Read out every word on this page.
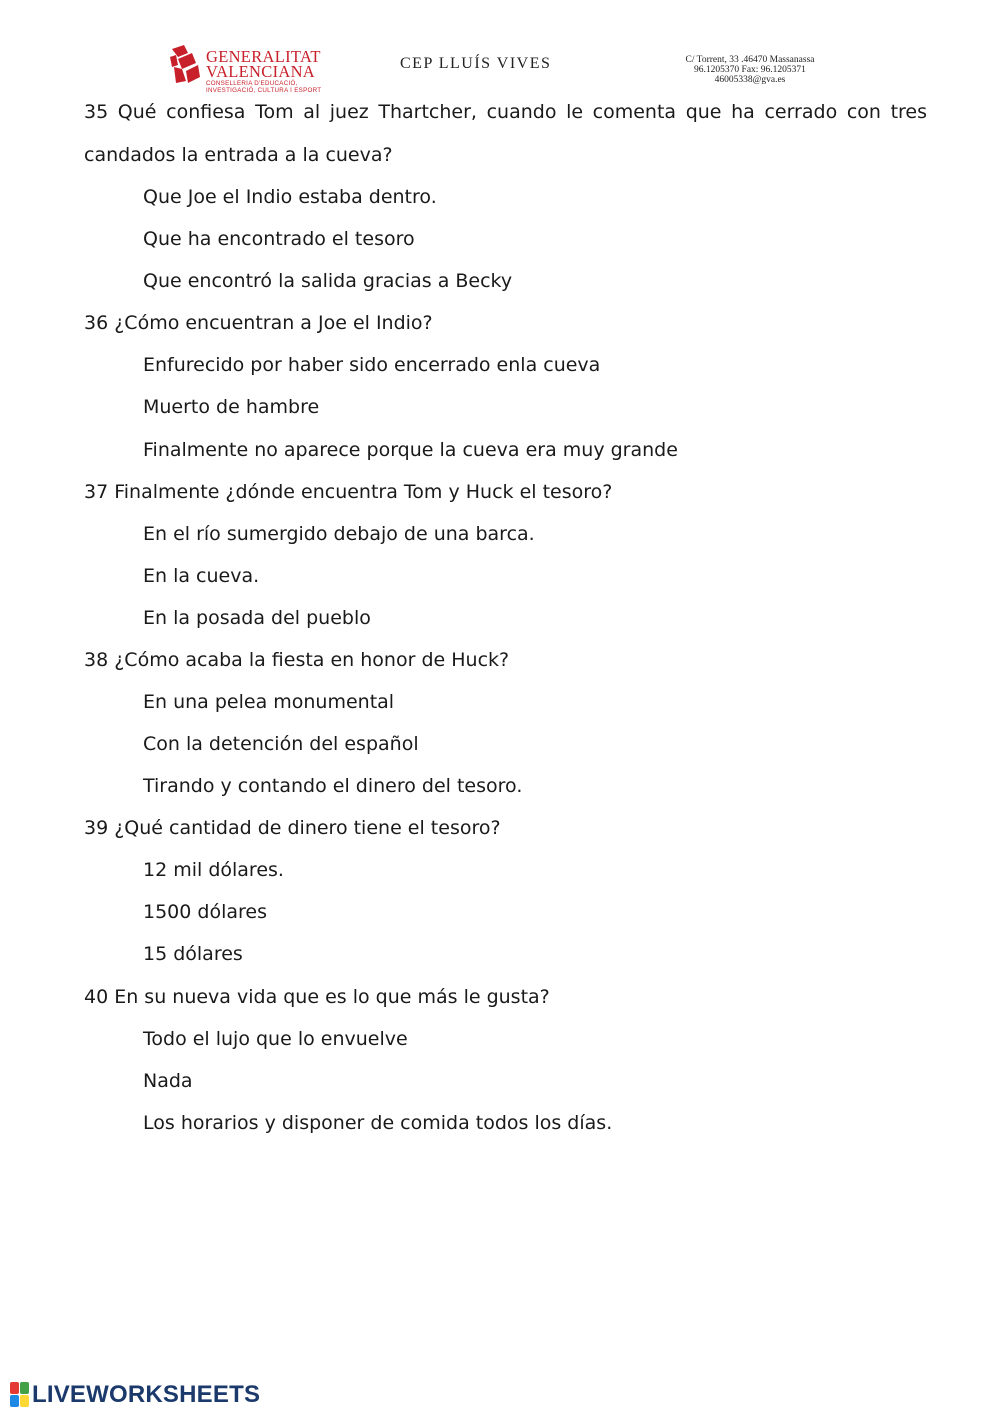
GENERALITAT
VALENCIANA
CONSELLERIA D'EDUCACIÓ,
INVESTIGACIÓ, CULTURA I ESPORT
CEP LLUÍS VIVES	C/ Torrent, 33 .46470 Massanassa
96.1205370 Fax: 96.1205371
46005338@gva.es
35 Qué confiesa Tom al juez Thartcher, cuando le comenta que ha cerrado con tres
candados la entrada a la cueva?
Que Joe el Indio estaba dentro.
Que ha encontrado el tesoro
Que encontró la salida gracias a Becky
36 ¿Cómo encuentran a Joe el Indio?
Enfurecido por haber sido encerrado enla cueva
Muerto de hambre
Finalmente no aparece porque la cueva era muy grande
37 Finalmente ¿dónde encuentra Tom y Huck el tesoro?
En el río sumergido debajo de una barca.
En la cueva.
En la posada del pueblo
38 ¿Cómo acaba la fiesta en honor de Huck?
En una pelea monumental
Con la detención del español
Tirando y contando el dinero del tesoro.
39 ¿Qué cantidad de dinero tiene el tesoro?
12 mil dólares.
1500 dólares
15 dólares
40 En su nueva vida que es lo que más le gusta?
Todo el lujo que lo envuelve
Nada
Los horarios y disponer de comida todos los días.
LIVEWORKSHEETS
